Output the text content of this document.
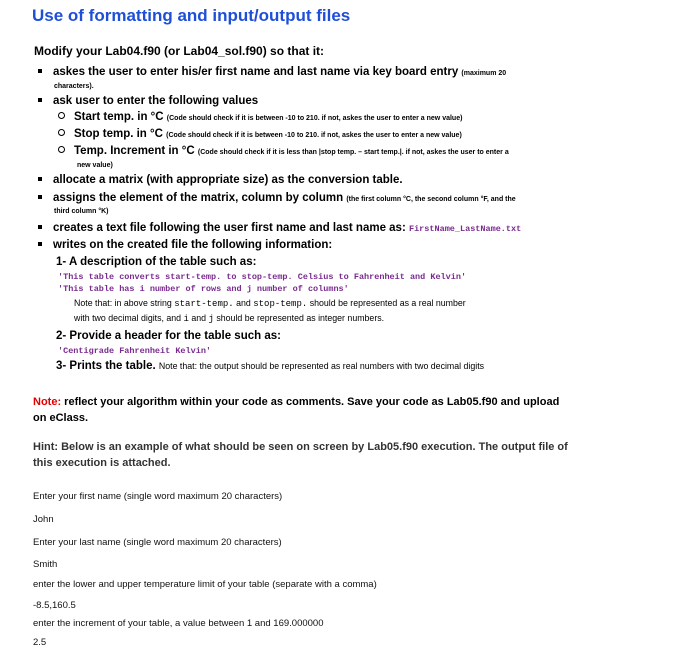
Use of formatting and input/output files
Modify your Lab04.f90 (or Lab04_sol.f90) so that it:
askes the user to enter his/er first name and last name via key board entry (maximum 20
characters).
ask user to enter the following values
Start temp. in °C (Code should check if it is between -10 to 210. if not, askes the user to enter a new value)
Stop temp. in °C (Code should check if it is between -10 to 210. if not, askes the user to enter a new value)
Temp. Increment in °C (Code should check if it is less than |stop temp. – start temp.|. if not, askes the user to enter a
new value)
allocate a matrix (with appropriate size) as the conversion table.
assigns the element of the matrix, column by column (the first column °C, the second column °F, and the
third column °K)
creates a text file following the user first name and last name as: FirstName_LastName.txt
writes on the created file the following information:
1- A description of the table such as:
'This table converts start-temp. to stop-temp. Celsius to Fahrenheit and Kelvin'
'This table has i number of rows and j number of columns'
Note that: in above string start-temp. and stop-temp. should be represented as a real number
with two decimal digits, and i and j should be represented as integer numbers.
2- Provide a header for the table such as:
'Centigrade Fahrenheit Kelvin'
3- Prints the table. Note that: the output should be represented as real numbers with two decimal digits
Note: reflect your algorithm within your code as comments. Save your code as Lab05.f90 and upload
on eClass.
Hint: Below is an example of what should be seen on screen by Lab05.f90 execution. The output file of
this execution is attached.
Enter your first name (single word maximum 20 characters)
John
Enter your last name (single word maximum 20 characters)
Smith
enter the lower and upper temperature limit of your table (separate with a comma)
-8.5,160.5
enter the increment of your table, a value between 1 and 169.000000
2.5
